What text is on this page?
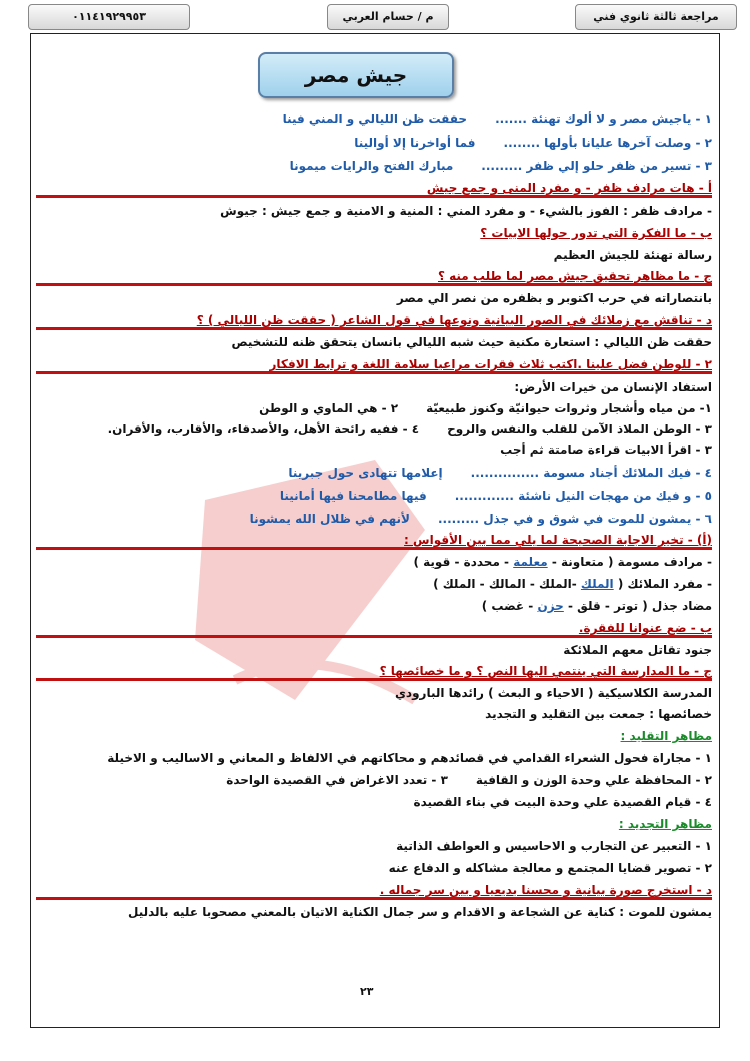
مراجعة ثالثة ثانوي فني
م / حسام العربي
٠١١٤١٩٢٩٩٥٣
جيش مصر
١ - ياجيش مصر و لا ألوك تهنئة .......حققت ظن الليالي و المني فينا
٢ - وصلت آخرها عليانا بأولها ........فما أواخرنا إلا أوالينا
٣ - تسير من ظفر حلو إلي ظفر .........مبارك الفتح والرايات ميمونا
أ - هات مرادف ظفر - و مفرد المنى و جمع جيش
- مرادف ظفر : الفوز بالشيء - و مفرد المني : المنية و الامنية و جمع جيش : جيوش
ب - ما الفكرة التي تدور حولها الابيات ؟
رسالة تهنئة للجيش العظيم
ج - ما مظاهر تحقيق جيش مصر لما طلب منه ؟
بانتصاراته في حرب اكتوبر و بظفره من نصر الي مصر
د - تناقش مع زملائك في الصور البيانية ونوعها في قول الشاعر ( حققت ظن الليالي ) ؟
حققت ظن الليالي : استعارة مكنية حيث شبه الليالي بانسان يتحقق ظنه للتشخيص
٢ - للوطن فضل علينا .اكتب ثلاث فقرات مراعيا سلامة اللغة و ترابط الافكار
استفاد الإنسان من خيرات الأرض:
١- من مياه وأشجار وثروات حيوانيّة وكنوز طبيعيّة٢ - هي الماوي و الوطن
٣ - الوطن الملاذ الآمن للقلب والنفس والروح٤ - ففيه رائحة الأهل، والأصدقاء، والأقارب، والأقران.
٣ - اقرأ الابيات قراءة صامتة ثم أجب
٤ - فيك الملائك أجناد مسومة ...............إعلامها تتهادى حول جبرينا
٥ - و فيك من مهجات النيل ناشئة .............فيها مطامحنا فيها أمانينا
٦ - يمشون للموت في شوق و في جذل .........لأنهم في ظلال الله يمشونا
(أ) - تخير الاجابة الصحيحة لما يلي مما بين الأقواس :
- مرادف مسومة ( متعاونة - معلمة - محددة - قوية )
- مفرد الملائك ( الملك -الملك - المالك - الملك )
مضاد جذل ( توتر - قلق - حزن - غضب )
ب - ضع عنوانا للفقرة.
جنود تقاتل معهم الملائكة
ج - ما المدارسة التي ينتمي اليها النص ؟ و ما خصائصها ؟
المدرسة الكلاسيكية ( الاحياء و البعث ) رائدها البارودي
خصائصها : جمعت بين التقليد و التجديد
مظاهر التقليد :
١ - مجاراة فحول الشعراء القدامي في قصائدهم و محاكاتهم في الالفاظ و المعاني و الاساليب و الاخيلة
٢ - المحافظة علي وحدة الوزن و القافية٣ - تعدد الاغراض في القصيدة الواحدة
٤ - قيام القصيدة علي وحدة البيت في بناء القصيدة
مظاهر التجديد :
١ - التعبير عن التجارب و الاحاسيس و العواطف الذاتية
٢ - تصوير قضايا المجتمع و معالجة مشاكله و الدفاع عنه
د - استخرج صورة بيانية و محسنا بديعيا و بين سر جماله .
يمشون للموت : كناية عن الشجاعة و الاقدام و سر جمال الكناية الاتيان بالمعني مصحوبا عليه بالدليل
٢٣
